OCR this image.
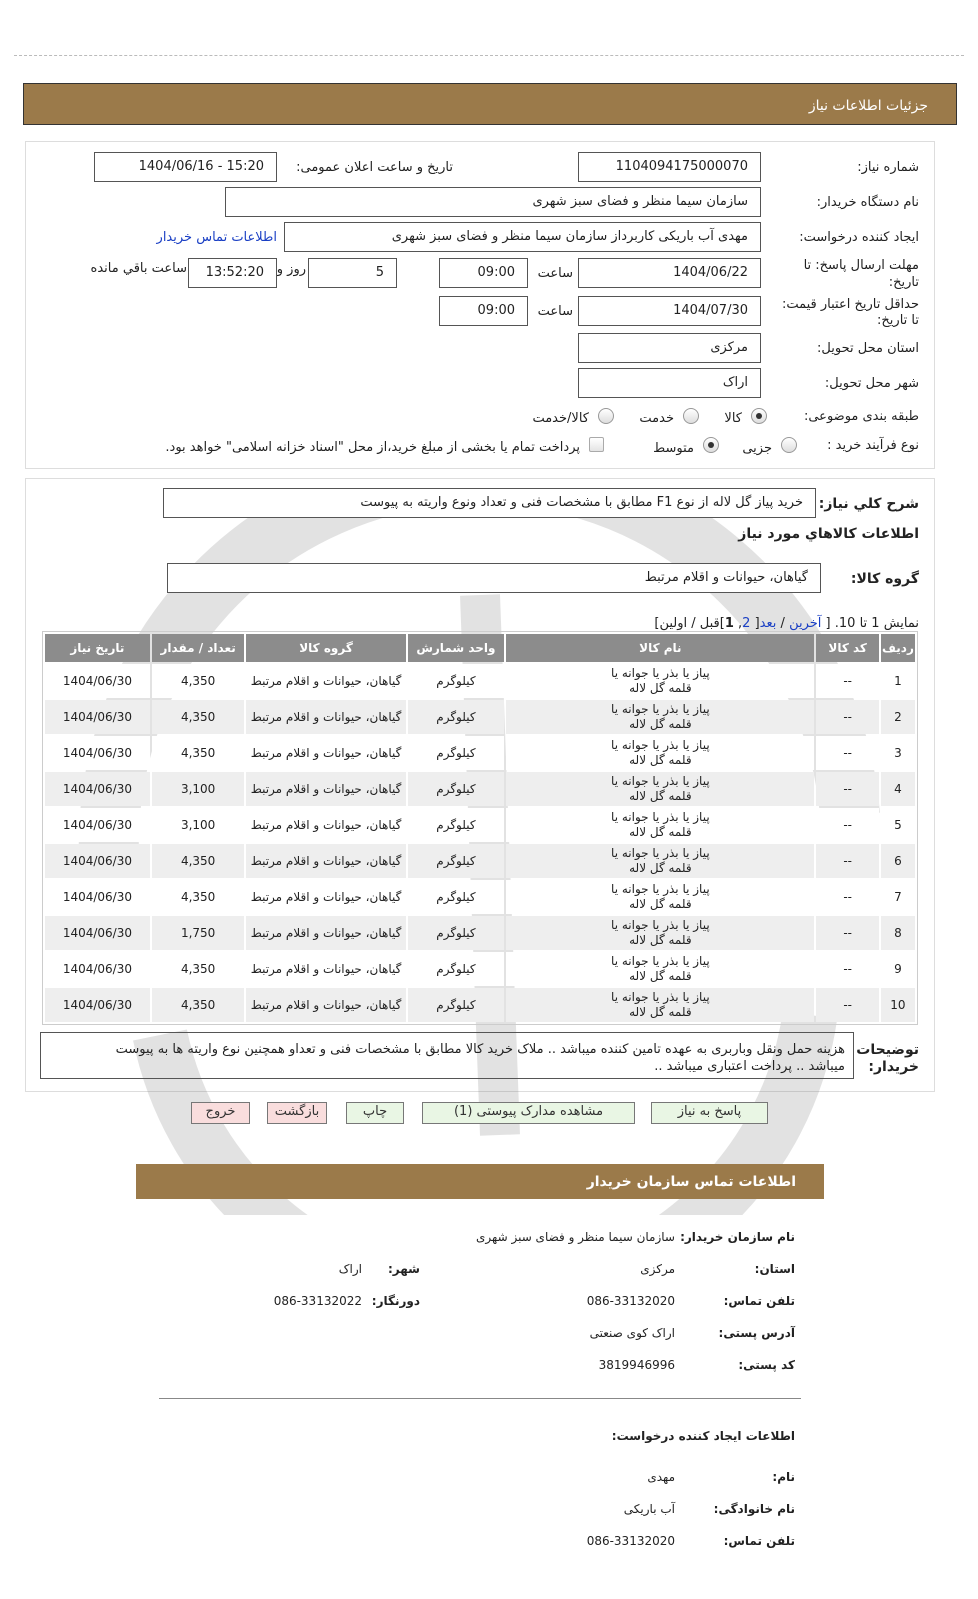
جزئیات اطلاعات نیاز
شماره نیاز:
1104094175000070
تاریخ و ساعت اعلان عمومی:
1404/06/16 - 15:20
نام دستگاه خریدار:
سازمان سیما منظر و فضای سبز شهری
ایجاد کننده درخواست:
مهدی آب باریکی کاربرداز سازمان سیما منظر و فضای سبز شهری
اطلاعات تماس خریدار
مهلت ارسال پاسخ: تا
تاریخ:
1404/06/22
ساعت
09:00
5
روز و
13:52:20
ساعت باقي مانده
حداقل تاریخ اعتبار قیمت:
تا تاریخ:
1404/07/30
ساعت
09:00
استان محل تحویل:
مرکزی
شهر محل تحویل:
اراک
طبقه بندی موضوعی:
کالا
خدمت
کالا/خدمت
نوع فرآیند خرید :
جزیی
متوسط
پرداخت تمام یا بخشی از مبلغ خرید،از محل "اسناد خزانه اسلامی" خواهد بود.
شرح كلي نياز:
خرید پیاز گل لاله از نوع F1 مطابق با مشخصات فنی و تعداد ونوع واریته به پیوست
اطلاعات كالاهاي مورد نياز
گروه کالا:
گیاهان، حیوانات و اقلام مرتبط
نمایش 1 تا 10. [ آخرین / بعد[ 2, 1]قبل / اولین]
ردیف	کد کالا	نام کالا	واحد شمارش	گروه کالا	تعداد / مقدار	تاریخ نیاز
1	--	پیاز یا بذر یا جوانه یا
قلمه گل لاله	کیلوگرم	گیاهان، حیوانات و اقلام مرتبط	4,350	1404/06/30
2	--	پیاز یا بذر یا جوانه یا
قلمه گل لاله	کیلوگرم	گیاهان، حیوانات و اقلام مرتبط	4,350	1404/06/30
3	--	پیاز یا بذر یا جوانه یا
قلمه گل لاله	کیلوگرم	گیاهان، حیوانات و اقلام مرتبط	4,350	1404/06/30
4	--	پیاز یا بذر یا جوانه یا
قلمه گل لاله	کیلوگرم	گیاهان، حیوانات و اقلام مرتبط	3,100	1404/06/30
5	--	پیاز یا بذر یا جوانه یا
قلمه گل لاله	کیلوگرم	گیاهان، حیوانات و اقلام مرتبط	3,100	1404/06/30
6	--	پیاز یا بذر یا جوانه یا
قلمه گل لاله	کیلوگرم	گیاهان، حیوانات و اقلام مرتبط	4,350	1404/06/30
7	--	پیاز یا بذر یا جوانه یا
قلمه گل لاله	کیلوگرم	گیاهان، حیوانات و اقلام مرتبط	4,350	1404/06/30
8	--	پیاز یا بذر یا جوانه یا
قلمه گل لاله	کیلوگرم	گیاهان، حیوانات و اقلام مرتبط	1,750	1404/06/30
9	--	پیاز یا بذر یا جوانه یا
قلمه گل لاله	کیلوگرم	گیاهان، حیوانات و اقلام مرتبط	4,350	1404/06/30
10	--	پیاز یا بذر یا جوانه یا
قلمه گل لاله	کیلوگرم	گیاهان، حیوانات و اقلام مرتبط	4,350	1404/06/30
توضیحات
خریدار:
هزینه حمل ونقل وباربری به عهده تامین کننده میباشد .. ملاک خرید کالا مطابق با مشخصات فنی و تعداو همچنین نوع واریته ها به پیوست
میباشد .. پرداخت اعتباری میباشد ..
پاسخ به نیاز
مشاهده مدارک پیوستی (1)
چاپ
بازگشت
خروج
اطلاعات تماس سازمان خریدار
نام سازمان خریدار:
سازمان سیما منظر و فضای سبز شهری
استان:
مرکزی
شهر:
اراک
تلفن تماس:
086-33132020
دورنگار:
086-33132022
آدرس پستی:
اراک کوی صنعتی
کد پستی:
3819946996
اطلاعات ایجاد کننده درخواست:
نام:
مهدی
نام خانوادگی:
آب باریکی
تلفن تماس:
086-33132020
